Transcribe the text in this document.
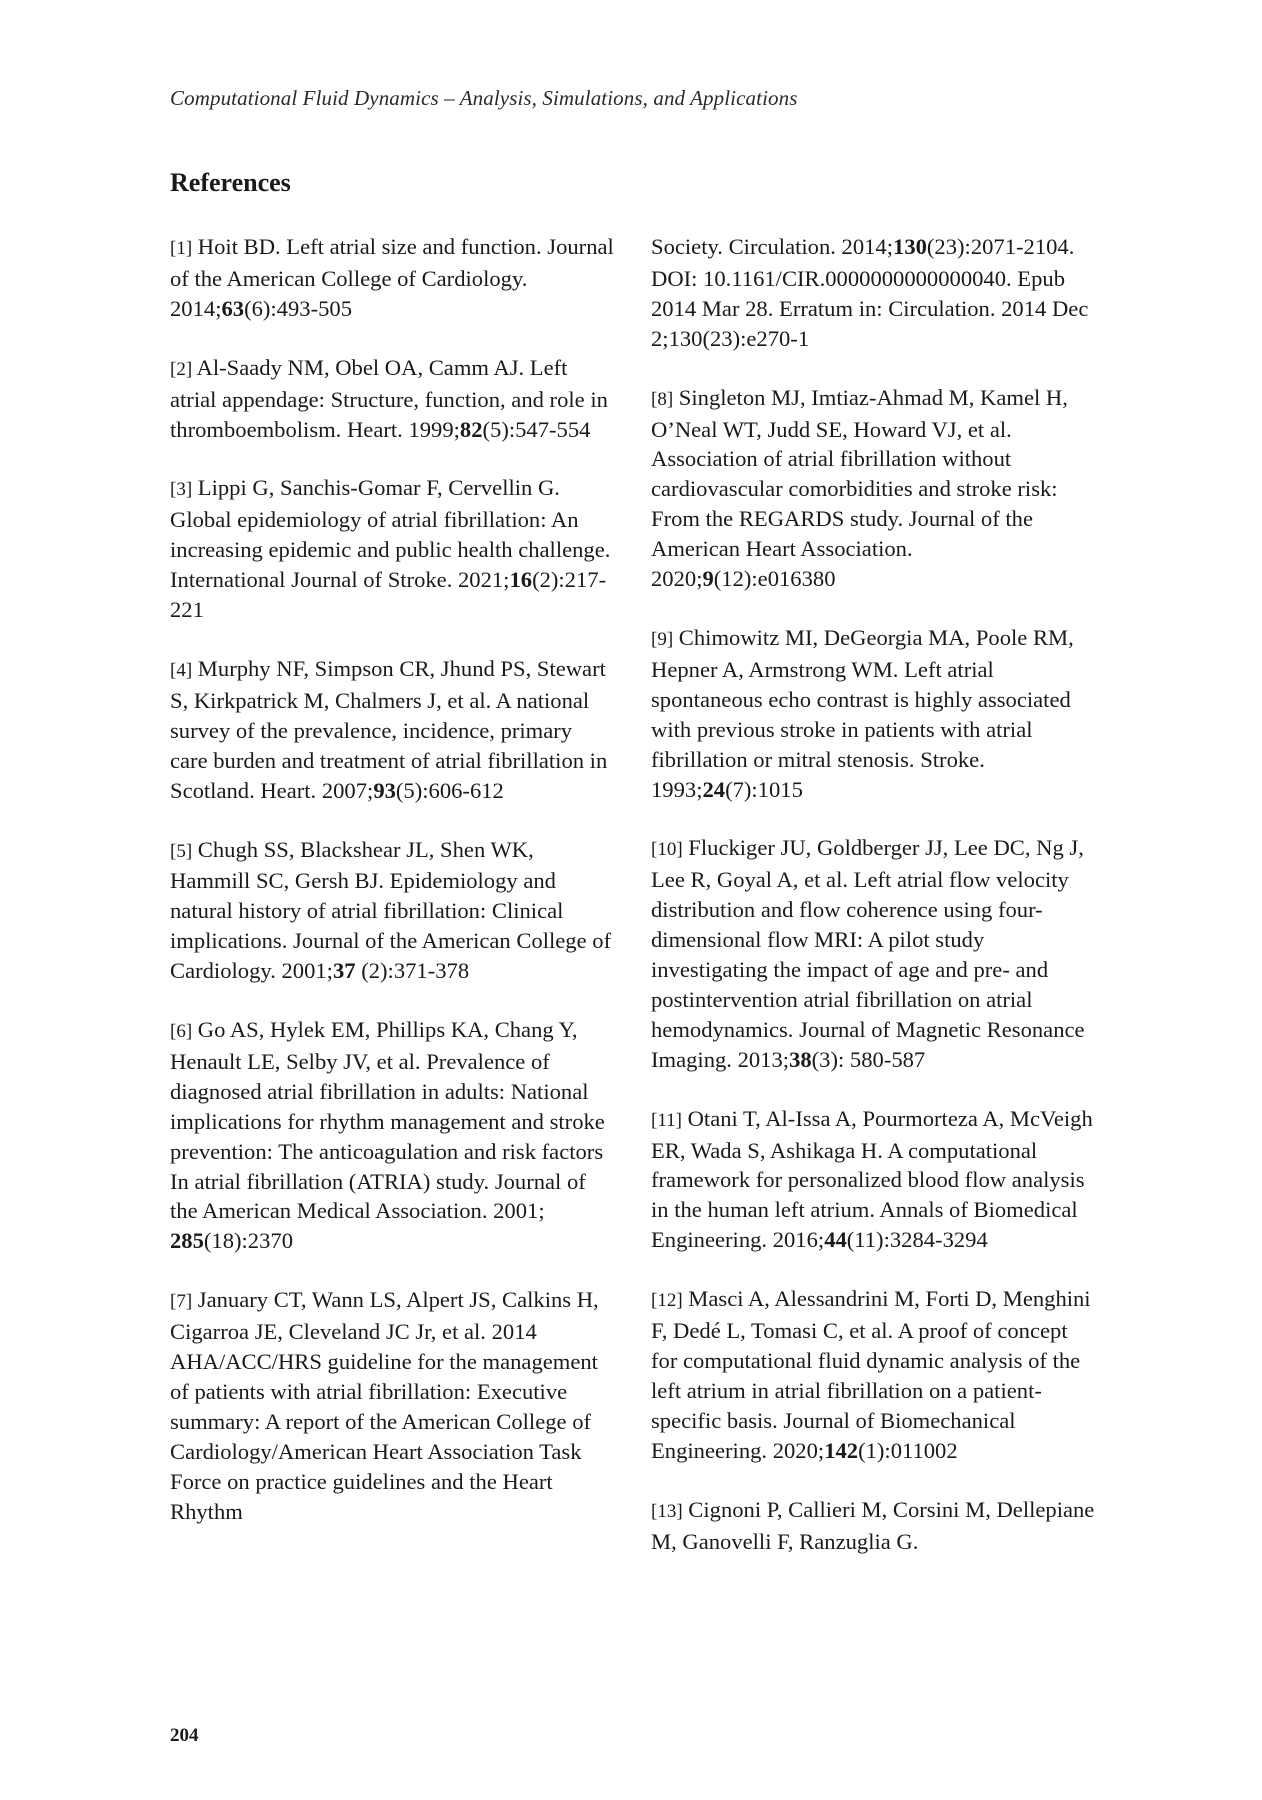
Computational Fluid Dynamics – Analysis, Simulations, and Applications
References

[1] Hoit BD. Left atrial size and function. Journal of the American College of Cardiology. 2014;63(6):493-505

[2] Al-Saady NM, Obel OA, Camm AJ. Left atrial appendage: Structure, function, and role in thromboembolism. Heart. 1999;82(5):547-554

[3] Lippi G, Sanchis-Gomar F, Cervellin G. Global epidemiology of atrial fibrillation: An increasing epidemic and public health challenge. International Journal of Stroke. 2021;16(2):217-221

[4] Murphy NF, Simpson CR, Jhund PS, Stewart S, Kirkpatrick M, Chalmers J, et al. A national survey of the prevalence, incidence, primary care burden and treatment of atrial fibrillation in Scotland. Heart. 2007;93(5):606-612

[5] Chugh SS, Blackshear JL, Shen WK, Hammill SC, Gersh BJ. Epidemiology and natural history of atrial fibrillation: Clinical implications. Journal of the American College of Cardiology. 2001;37 (2):371-378

[6] Go AS, Hylek EM, Phillips KA, Chang Y, Henault LE, Selby JV, et al. Prevalence of diagnosed atrial fibrillation in adults: National implications for rhythm management and stroke prevention: The anticoagulation and risk factors In atrial fibrillation (ATRIA) study. Journal of the American Medical Association. 2001; 285(18):2370

[7] January CT, Wann LS, Alpert JS, Calkins H, Cigarroa JE, Cleveland JC Jr, et al. 2014 AHA/ACC/HRS guideline for the management of patients with atrial fibrillation: Executive summary: A report of the American College of Cardiology/American Heart Association Task Force on practice guidelines and the Heart Rhythm

Society. Circulation. 2014;130(23):2071-2104. DOI: 10.1161/CIR.0000000000000040. Epub 2014 Mar 28. Erratum in: Circulation. 2014 Dec 2;130(23):e270-1

[8] Singleton MJ, Imtiaz-Ahmad M, Kamel H, O’Neal WT, Judd SE, Howard VJ, et al. Association of atrial fibrillation without cardiovascular comorbidities and stroke risk: From the REGARDS study. Journal of the American Heart Association. 2020;9(12):e016380

[9] Chimowitz MI, DeGeorgia MA, Poole RM, Hepner A, Armstrong WM. Left atrial spontaneous echo contrast is highly associated with previous stroke in patients with atrial fibrillation or mitral stenosis. Stroke. 1993;24(7):1015

[10] Fluckiger JU, Goldberger JJ, Lee DC, Ng J, Lee R, Goyal A, et al. Left atrial flow velocity distribution and flow coherence using four-dimensional flow MRI: A pilot study investigating the impact of age and pre- and postintervention atrial fibrillation on atrial hemodynamics. Journal of Magnetic Resonance Imaging. 2013;38(3): 580-587

[11] Otani T, Al-Issa A, Pourmorteza A, McVeigh ER, Wada S, Ashikaga H. A computational framework for personalized blood flow analysis in the human left atrium. Annals of Biomedical Engineering. 2016;44(11):3284-3294

[12] Masci A, Alessandrini M, Forti D, Menghini F, Dedé L, Tomasi C, et al. A proof of concept for computational fluid dynamic analysis of the left atrium in atrial fibrillation on a patient-specific basis. Journal of Biomechanical Engineering. 2020;142(1):011002

[13] Cignoni P, Callieri M, Corsini M, Dellepiane M, Ganovelli F, Ranzuglia G.

204
